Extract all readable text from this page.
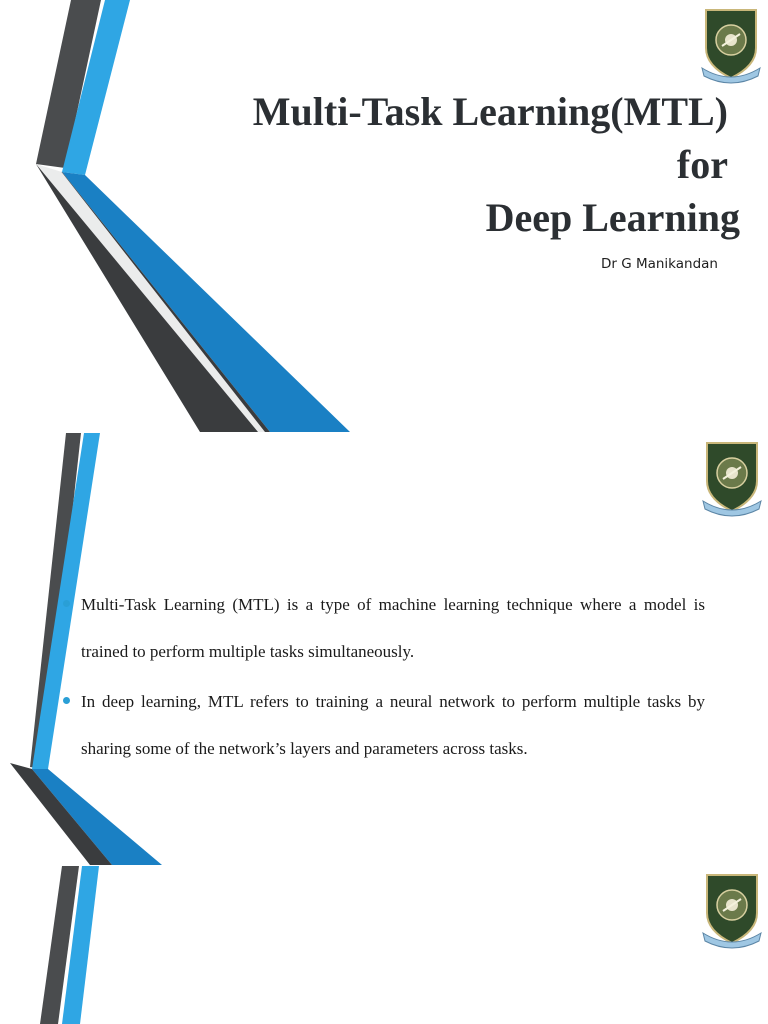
Multi-Task Learning(MTL)
for
Deep Learning
Dr G Manikandan
Multi-Task Learning (MTL) is a type of machine learning technique where a model is trained to perform multiple tasks simultaneously.
In deep learning, MTL refers to training a neural network to perform multiple tasks by sharing some of the network’s layers and parameters across tasks.
